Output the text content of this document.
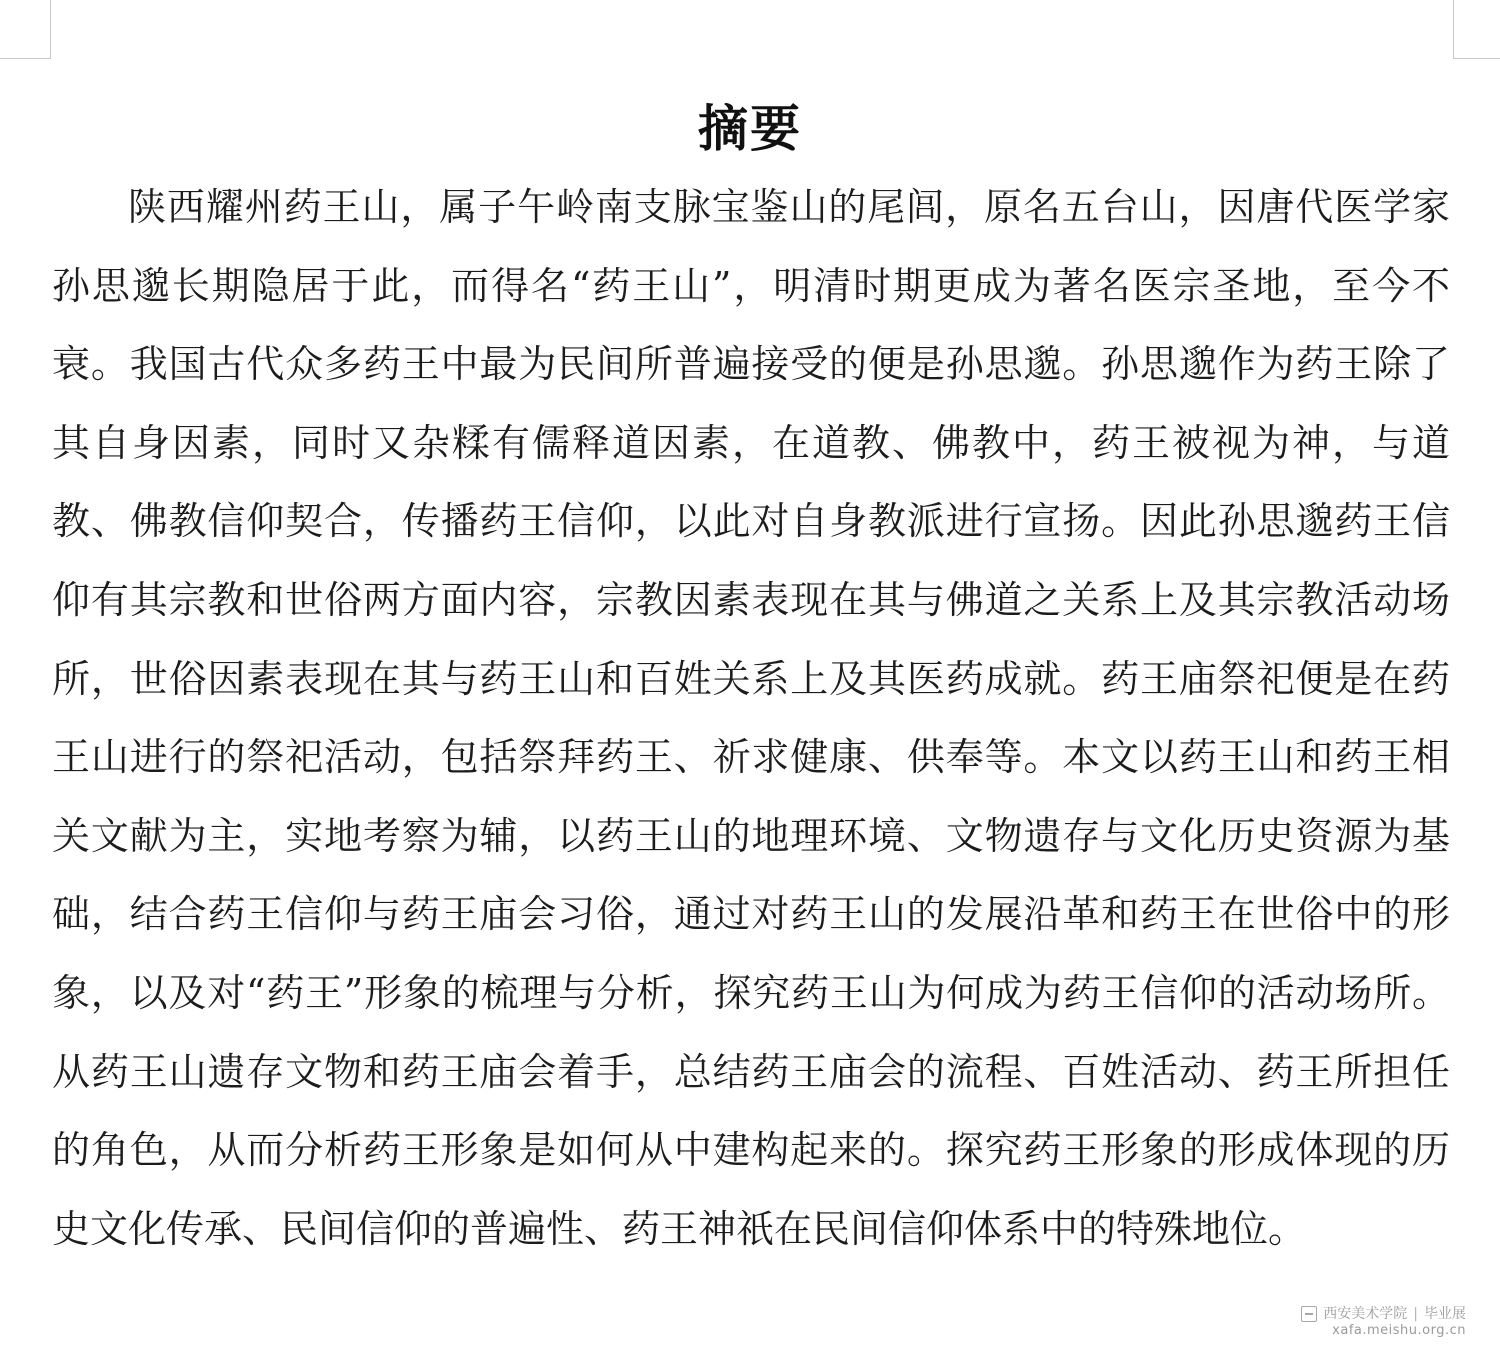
摘要

陕西耀州药王山，属子午岭南支脉宝鉴山的尾闾，原名五台山，因唐代医学家孙思邈长期隐居于此，而得名“药王山”，明清时期更成为著名医宗圣地，至今不衰。我国古代众多药王中最为民间所普遍接受的便是孙思邈。孙思邈作为药王除了其自身因素，同时又杂糅有儒释道因素，在道教、佛教中，药王被视为神，与道教、佛教信仰契合，传播药王信仰，以此对自身教派进行宣扬。因此孙思邈药王信仰有其宗教和世俗两方面内容，宗教因素表现在其与佛道之关系上及其宗教活动场所，世俗因素表现在其与药王山和百姓关系上及其医药成就。药王庙祭祀便是在药王山进行的祭祀活动，包括祭拜药王、祈求健康、供奉等。本文以药王山和药王相关文献为主，实地考察为辅，以药王山的地理环境、文物遗存与文化历史资源为基础，结合药王信仰与药王庙会习俗，通过对药王山的发展沿革和药王在世俗中的形象，以及对“药王”形象的梳理与分析，探究药王山为何成为药王信仰的活动场所。从药王山遗存文物和药王庙会着手，总结药王庙会的流程、百姓活动、药王所担任的角色，从而分析药王形象是如何从中建构起来的。探究药王形象的形成体现的历史文化传承、民间信仰的普遍性、药王神祇在民间信仰体系中的特殊地位。

西安美术学院 | 毕业展
xafa.meishu.org.cn
